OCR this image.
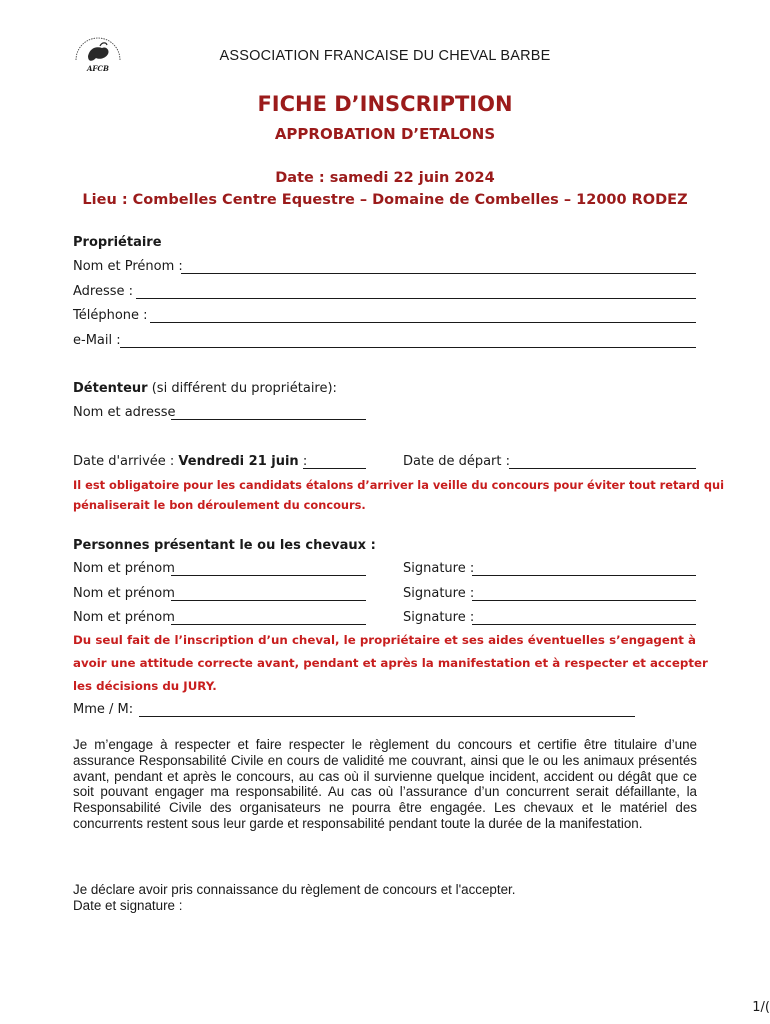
AFCB
ASSOCIATION FRANCAISE DU CHEVAL BARBE
FICHE D’INSCRIPTION
APPROBATION D’ETALONS
Date : samedi 22 juin 2024
Lieu : Combelles Centre Equestre – Domaine de Combelles – 12000 RODEZ
Propriétaire
Nom et Prénom :
Adresse :
Téléphone :
e-Mail :
Détenteur (si différent du propriétaire):
Nom et adresse
Date d'arrivée : Vendredi 21 juin :	Date de départ :
Il est obligatoire pour les candidats étalons d’arriver la veille du concours pour éviter tout retard qui
pénaliserait le bon déroulement du concours.
Personnes présentant le ou les chevaux :
Nom et prénom	Signature :
Nom et prénom	Signature :
Nom et prénom	Signature :
Du seul fait de l’inscription d’un cheval, le propriétaire et ses aides éventuelles s’engagent à
avoir une attitude correcte avant, pendant et après la manifestation et à respecter et accepter
les décisions du JURY.
Mme / M:
Je m’engage à respecter et faire respecter le règlement du concours et certifie être titulaire d’une assurance Responsabilité Civile en cours de validité me couvrant, ainsi que le ou les animaux présentés avant, pendant et après le concours, au cas où il survienne quelque incident, accident ou dégât que ce soit pouvant engager ma responsabilité. Au cas où l’assurance d’un concurrent serait défaillante, la Responsabilité Civile des organisateurs ne pourra être engagée. Les chevaux et le matériel des concurrents restent sous leur garde et responsabilité pendant toute la durée de la manifestation.
Je déclare avoir pris connaissance du règlement de concours et l'accepter.
Date et signature :
1/(
